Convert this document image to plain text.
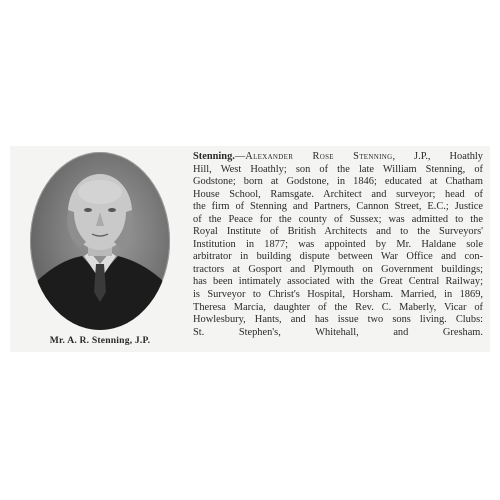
Mr. A. R. Stenning, J.P.
Stenning.—Alexander Rose Stenning, J.P., Hoathly
Hill, West Hoathly; son of the late William Stenning, of
Godstone; born at Godstone, in 1846; educated at Chatham
House School, Ramsgate. Architect and surveyor; head of
the firm of Stenning and Partners, Cannon Street, E.C.; Justice
of the Peace for the county of Sussex; was admitted to the
Royal Institute of British Architects and to the Surveyors'
Institution in 1877; was appointed by Mr. Haldane sole
arbitrator in building dispute between War Office and con-
tractors at Gosport and Plymouth on Government buildings;
has been intimately associated with the Great Central Railway;
is Surveyor to Christ's Hospital, Horsham. Married, in 1869,
Theresa Marcia, daughter of the Rev. C. Maberly, Vicar of
Howlesbury, Hants, and has issue two sons living. Clubs:
St. Stephen's, Whitehall, and Gresham.
